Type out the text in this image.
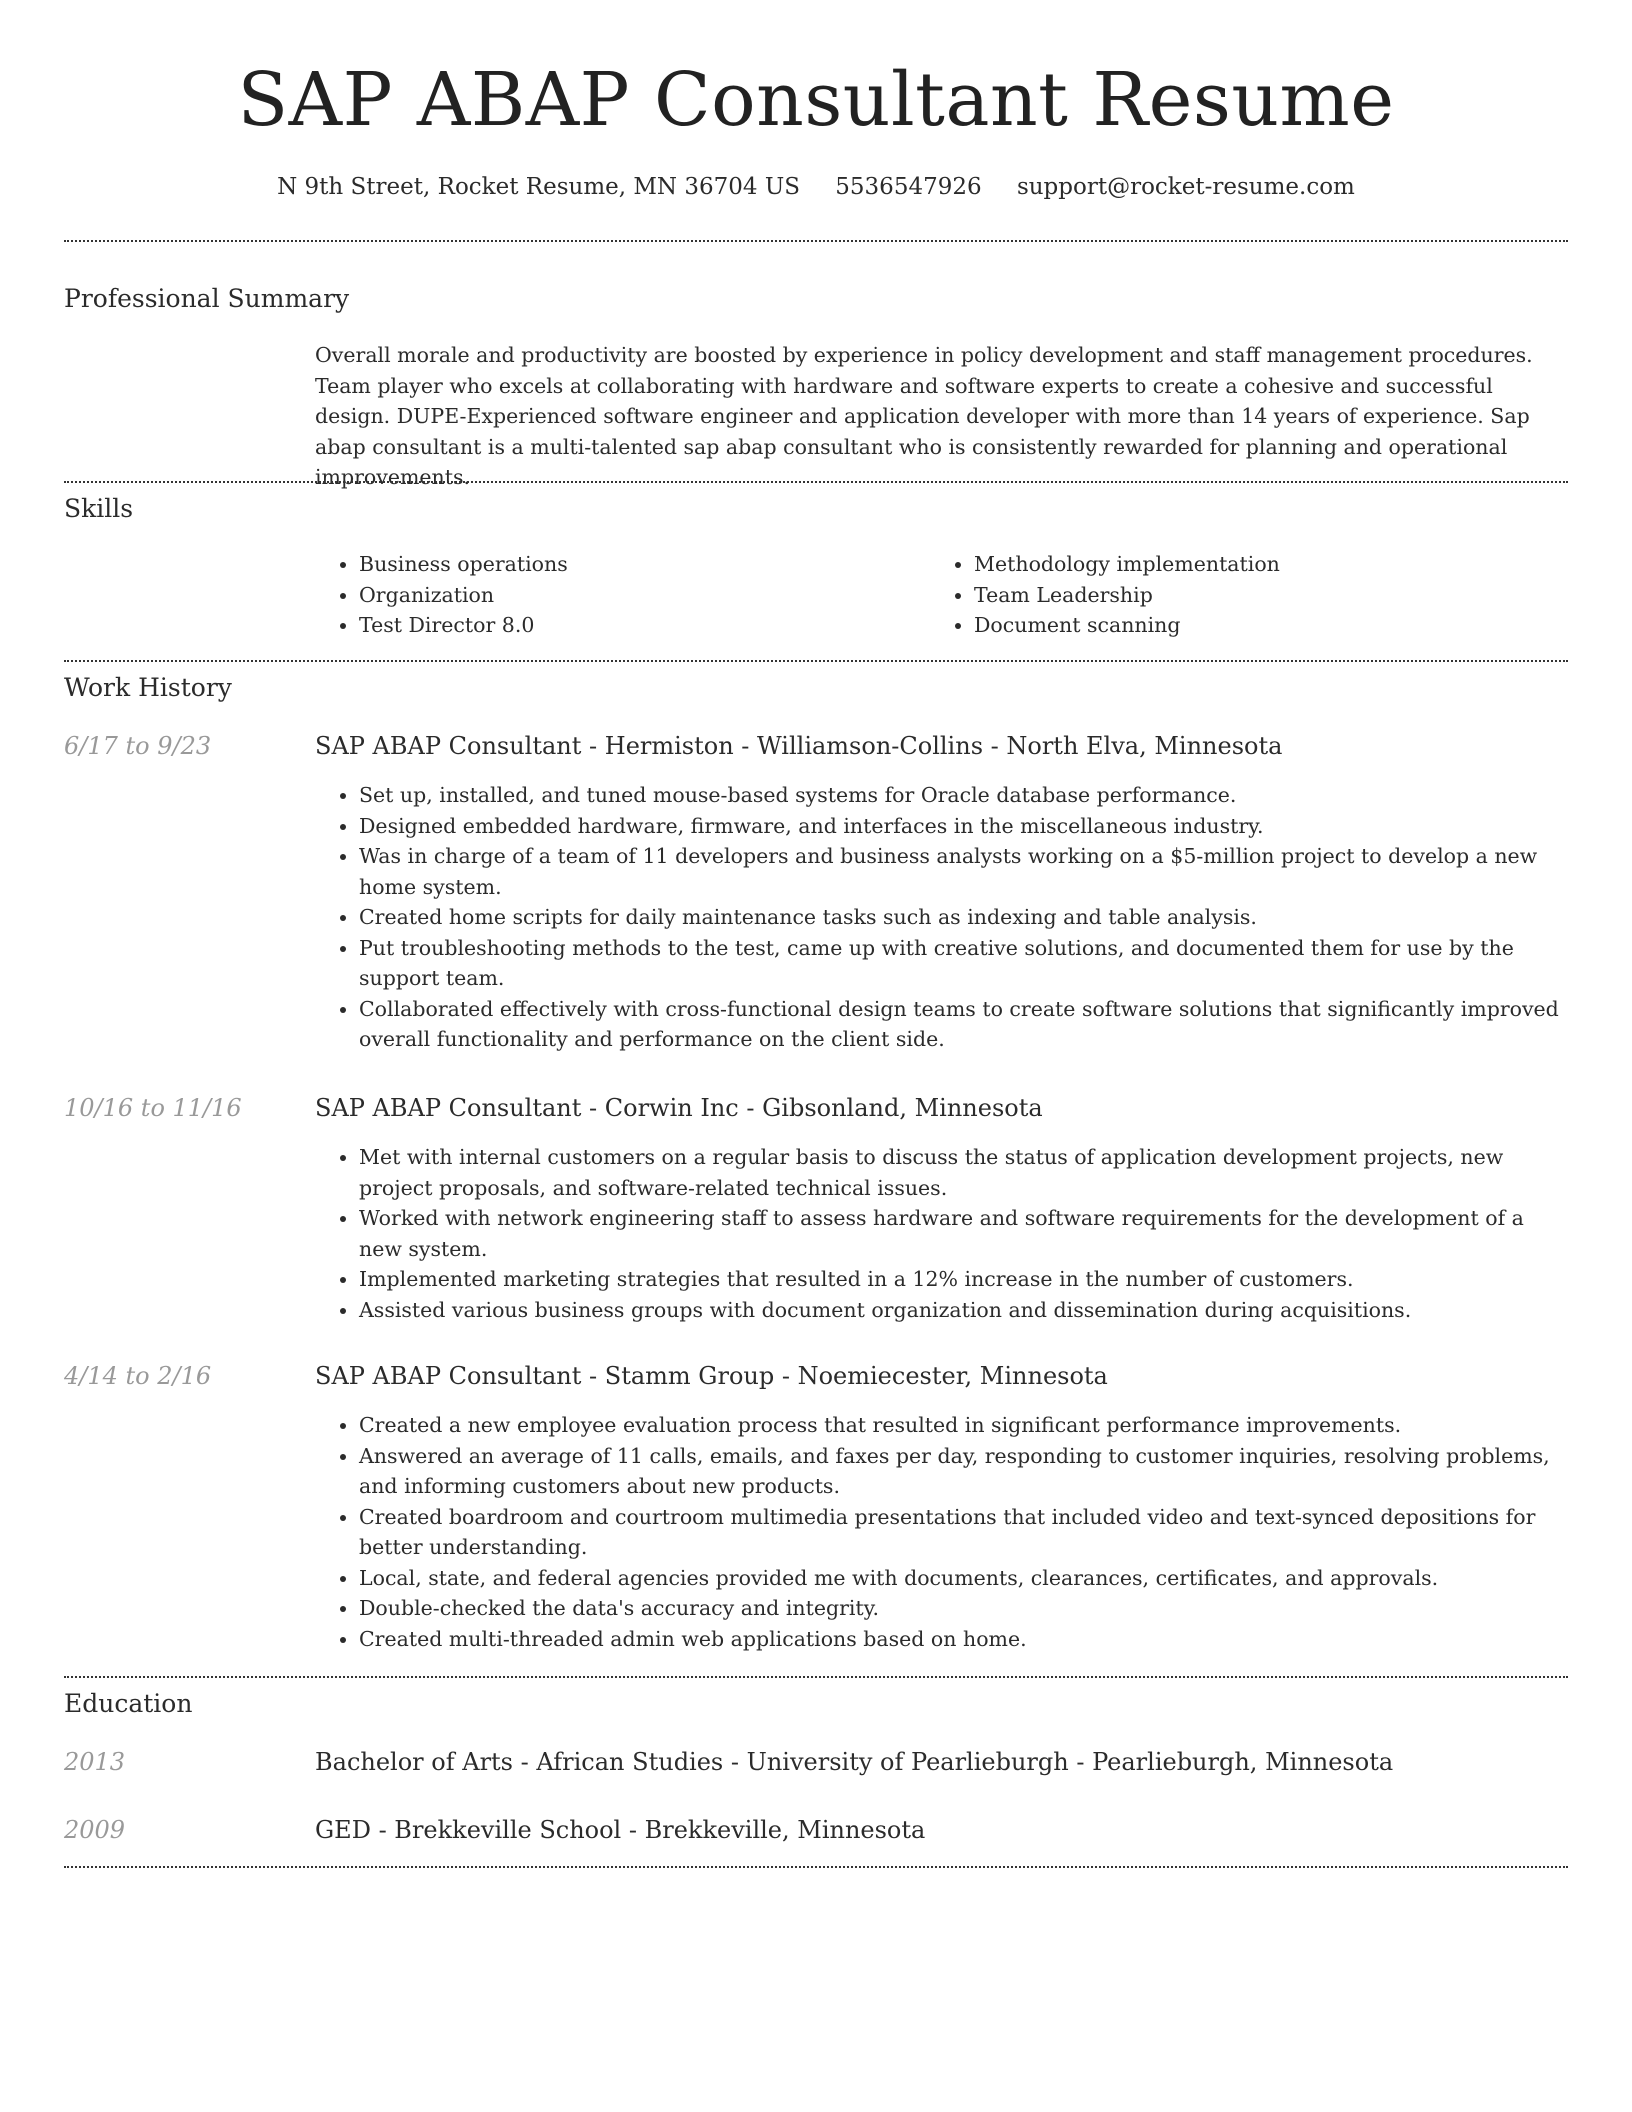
SAP ABAP Consultant Resume
N 9th Street, Rocket Resume, MN 36704 US 5536547926 support@rocket-resume.com
Professional Summary
Overall morale and productivity are boosted by experience in policy development and staff management procedures. Team player who excels at collaborating with hardware and software experts to create a cohesive and successful design. DUPE-Experienced software engineer and application developer with more than 14 years of experience. Sap abap consultant is a multi-talented sap abap consultant who is consistently rewarded for planning and operational improvements.
Skills
• Business operations
• Organization
• Test Director 8.0
• Methodology implementation
• Team Leadership
• Document scanning
Work History
6/17 to 9/23	SAP ABAP Consultant - Hermiston - Williamson-Collins - North Elva, Minnesota
• Set up, installed, and tuned mouse-based systems for Oracle database performance.
• Designed embedded hardware, firmware, and interfaces in the miscellaneous industry.
• Was in charge of a team of 11 developers and business analysts working on a $5-million project to develop a new home system.
• Created home scripts for daily maintenance tasks such as indexing and table analysis.
• Put troubleshooting methods to the test, came up with creative solutions, and documented them for use by the support team.
• Collaborated effectively with cross-functional design teams to create software solutions that significantly improved overall functionality and performance on the client side.
10/16 to 11/16	SAP ABAP Consultant - Corwin Inc - Gibsonland, Minnesota
• Met with internal customers on a regular basis to discuss the status of application development projects, new project proposals, and software-related technical issues.
• Worked with network engineering staff to assess hardware and software requirements for the development of a new system.
• Implemented marketing strategies that resulted in a 12% increase in the number of customers.
• Assisted various business groups with document organization and dissemination during acquisitions.
4/14 to 2/16	SAP ABAP Consultant - Stamm Group - Noemiecester, Minnesota
• Created a new employee evaluation process that resulted in significant performance improvements.
• Answered an average of 11 calls, emails, and faxes per day, responding to customer inquiries, resolving problems, and informing customers about new products.
• Created boardroom and courtroom multimedia presentations that included video and text-synced depositions for better understanding.
• Local, state, and federal agencies provided me with documents, clearances, certificates, and approvals.
• Double-checked the data's accuracy and integrity.
• Created multi-threaded admin web applications based on home.
Education
2013	Bachelor of Arts - African Studies - University of Pearlieburgh - Pearlieburgh, Minnesota
2009	GED - Brekkeville School - Brekkeville, Minnesota
